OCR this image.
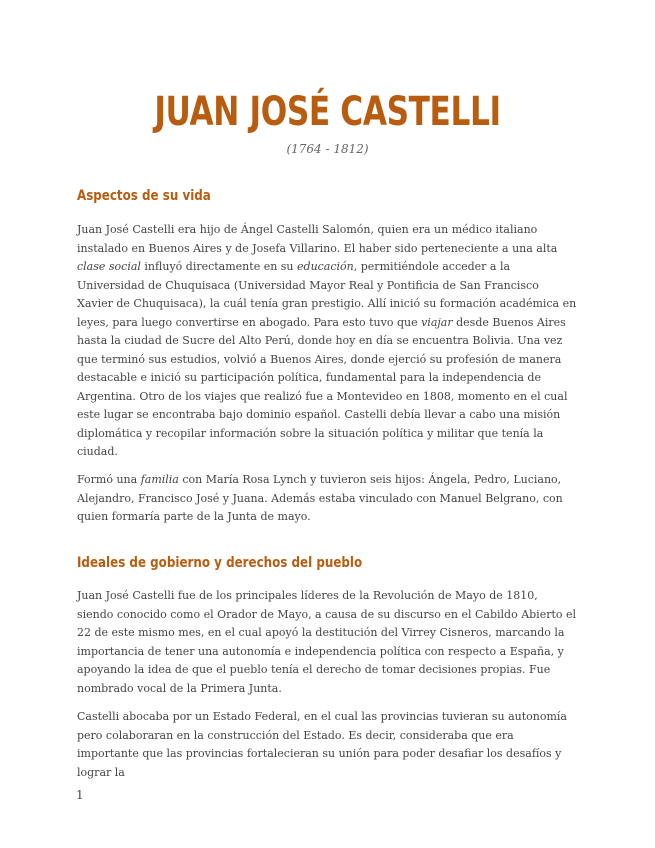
JUAN JOSÉ CASTELLI
(1764 - 1812)
Aspectos de su vida

Juan José Castelli era hijo de Ángel Castelli Salomón, quien era un médico italiano instalado en Buenos Aires y de Josefa Villarino. El haber sido perteneciente a una alta clase social influyó directamente en su educación, permitiéndole acceder a la Universidad de Chuquisaca (Universidad Mayor Real y Pontificia de San Francisco Xavier de Chuquisaca), la cuál tenía gran prestigio. Allí inició su formación académica en leyes, para luego convertirse en abogado. Para esto tuvo que viajar desde Buenos Aires hasta la ciudad de Sucre del Alto Perú, donde hoy en día se encuentra Bolivia. Una vez que terminó sus estudios, volvió a Buenos Aires, donde ejerció su profesión de manera destacable e inició su participación política, fundamental para la independencia de Argentina. Otro de los viajes que realizó fue a Montevideo en 1808, momento en el cual este lugar se encontraba bajo dominio español. Castelli debía llevar a cabo una misión diplomática y recopilar información sobre la situación política y militar que tenía la ciudad.

Formó una familia con María Rosa Lynch y tuvieron seis hijos: Ángela, Pedro, Luciano, Alejandro, Francisco José y Juana. Además estaba vinculado con Manuel Belgrano, con quien formaría parte de la Junta de mayo.

Ideales de gobierno y derechos del pueblo

Juan José Castelli fue de los principales líderes de la Revolución de Mayo de 1810, siendo conocido como el Orador de Mayo, a causa de su discurso en el Cabildo Abierto el 22 de este mismo mes, en el cual apoyó la destitución del Virrey Cisneros, marcando la importancia de tener una autonomía e independencia política con respecto a España, y apoyando la idea de que el pueblo tenía el derecho de tomar decisiones propias. Fue nombrado vocal de la Primera Junta.

Castelli abocaba por un Estado Federal, en el cual las provincias tuvieran su autonomía pero colaboraran en la construcción del Estado. Es decir, consideraba que era importante que las provincias fortalecieran su unión para poder desafiar los desafíos y lograr la

1
